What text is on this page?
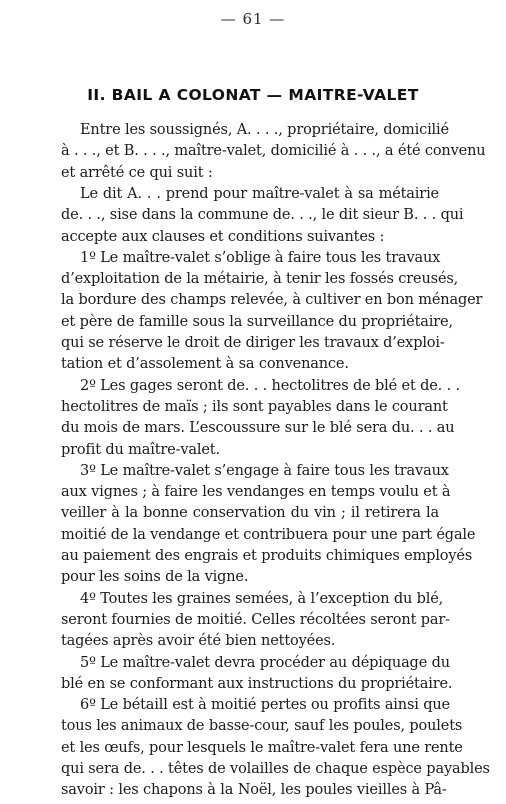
— 61 —
II. BAIL A COLONAT — MAITRE-VALET
Entre les soussignés, A. . . ., propriétaire, domicilié
à . . ., et B. . . ., maître-valet, domicilié à . . ., a été convenu
et arrêté ce qui suit :
Le dit A. . . prend pour maître-valet à sa métairie
de. . ., sise dans la commune de. . ., le dit sieur B. . . qui
accepte aux clauses et conditions suivantes :
1º Le maître-valet s’oblige à faire tous les travaux
d’exploitation de la métairie, à tenir les fossés creusés,
la bordure des champs relevée, à cultiver en bon ménager
et père de famille sous la surveillance du propriétaire,
qui se réserve le droit de diriger les travaux d’exploi-
tation et d’assolement à sa convenance.
2º Les gages seront de. . . hectolitres de blé et de. . .
hectolitres de maïs ; ils sont payables dans le courant
du mois de mars. L’escoussure sur le blé sera du. . . au
profit du maître-valet.
3º Le maître-valet s’engage à faire tous les travaux
aux vignes ; à faire les vendanges en temps voulu et à
veiller à la bonne conservation du vin ; il retirera la
moitié de la vendange et contribuera pour une part égale
au paiement des engrais et produits chimiques employés
pour les soins de la vigne.
4º Toutes les graines semées, à l’exception du blé,
seront fournies de moitié. Celles récoltées seront par-
tagées après avoir été bien nettoyées.
5º Le maître-valet devra procéder au dépiquage du
blé en se conformant aux instructions du propriétaire.
6º Le bétaill est à moitié pertes ou profits ainsi que
tous les animaux de basse-cour, sauf les poules, poulets
et les œufs, pour lesquels le maître-valet fera une rente
qui sera de. . . têtes de volailles de chaque espèce payables
savoir : les chapons à la Noël, les poules vieilles à Pâ-
